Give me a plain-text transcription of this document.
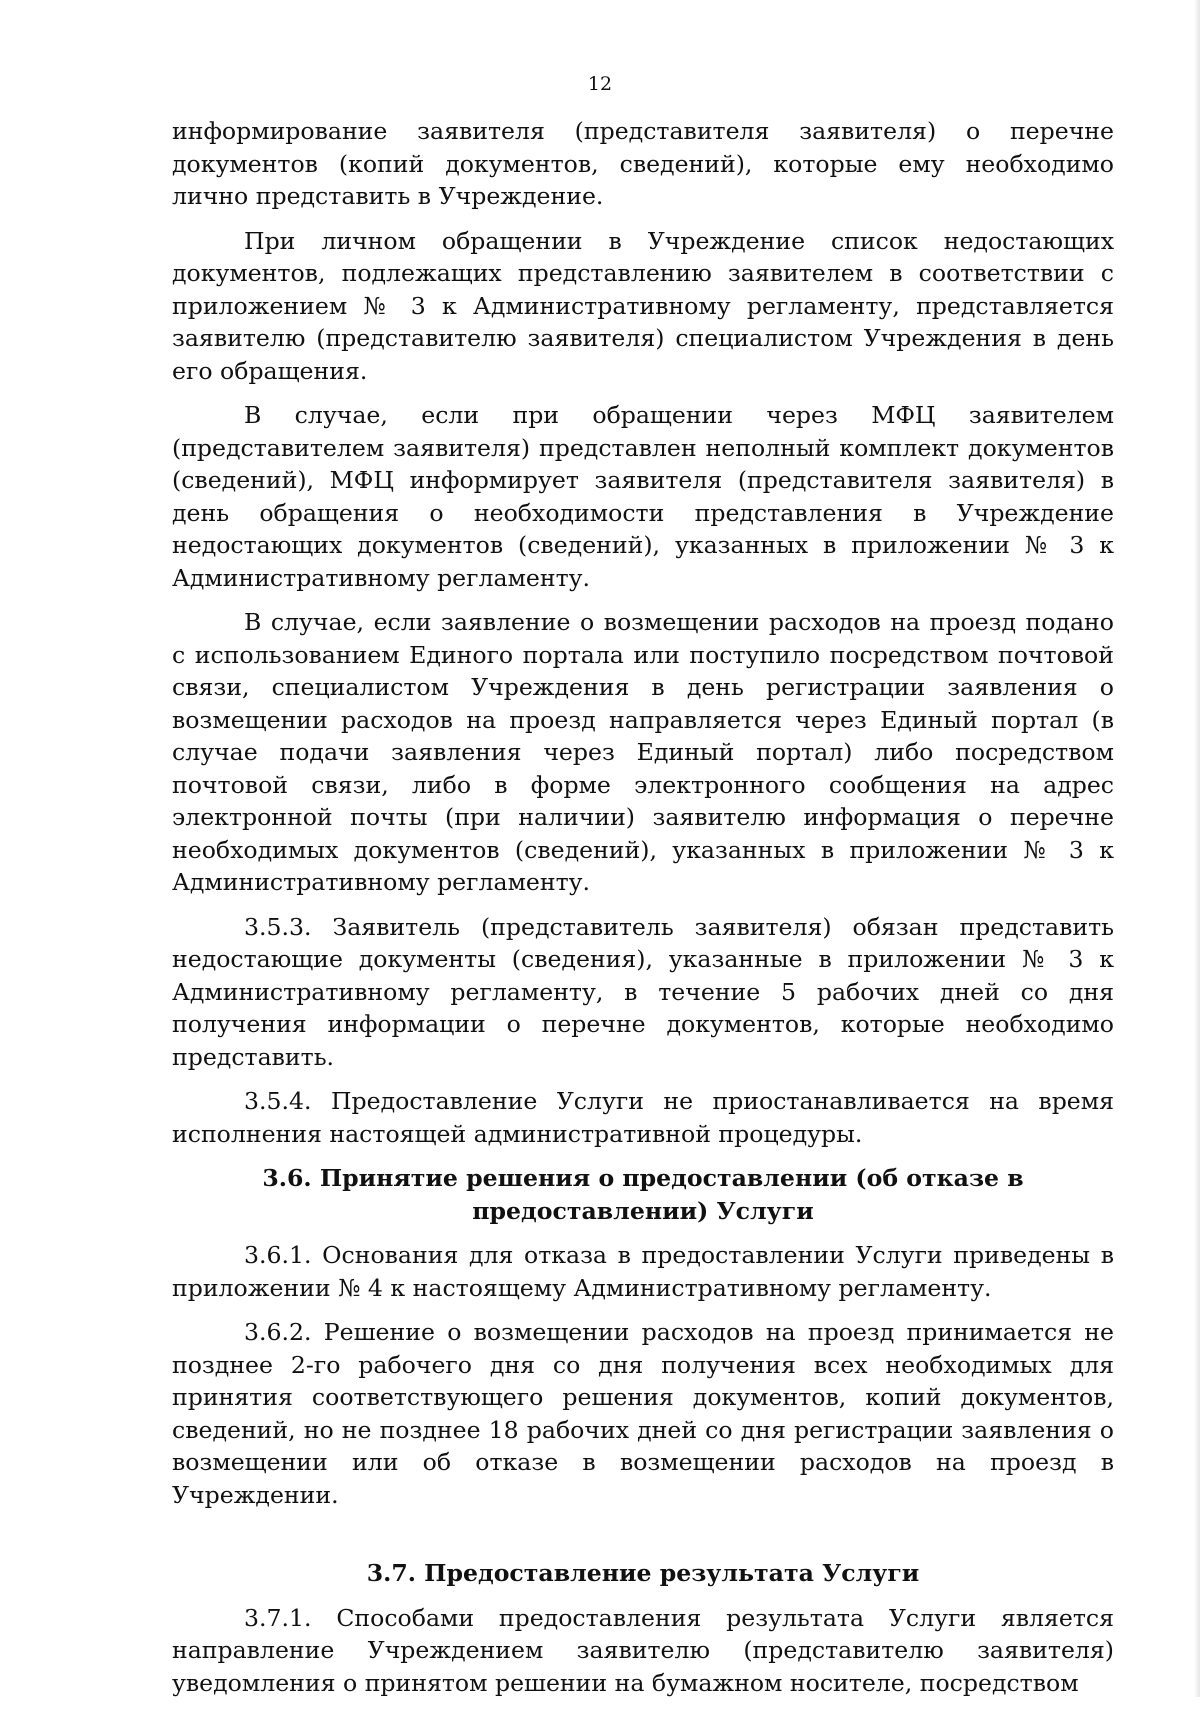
12

информирование заявителя (представителя заявителя) о перечне документов (копий документов, сведений), которые ему необходимо лично представить в Учреждение.

При личном обращении в Учреждение список недостающих документов, подлежащих представлению заявителем в соответствии с приложением № 3 к Административному регламенту, представляется заявителю (представителю заявителя) специалистом Учреждения в день его обращения.

В случае, если при обращении через МФЦ заявителем (представителем заявителя) представлен неполный комплект документов (сведений), МФЦ информирует заявителя (представителя заявителя) в день обращения о необходимости представления в Учреждение недостающих документов (сведений), указанных в приложении № 3 к Административному регламенту.

В случае, если заявление о возмещении расходов на проезд подано с использованием Единого портала или поступило посредством почтовой связи, специалистом Учреждения в день регистрации заявления о возмещении расходов на проезд направляется через Единый портал (в случае подачи заявления через Единый портал) либо посредством почтовой связи, либо в форме электронного сообщения на адрес электронной почты (при наличии) заявителю информация о перечне необходимых документов (сведений), указанных в приложении № 3 к Административному регламенту.

3.5.3. Заявитель (представитель заявителя) обязан представить недостающие документы (сведения), указанные в приложении № 3 к Административному регламенту, в течение 5 рабочих дней со дня получения информации о перечне документов, которые необходимо представить.

3.5.4. Предоставление Услуги не приостанавливается на время исполнения настоящей административной процедуры.

3.6. Принятие решения о предоставлении (об отказе в предоставлении) Услуги

3.6.1. Основания для отказа в предоставлении Услуги приведены в приложении № 4 к настоящему Административному регламенту.

3.6.2. Решение о возмещении расходов на проезд принимается не позднее 2-го рабочего дня со дня получения всех необходимых для принятия соответствующего решения документов, копий документов, сведений, но не позднее 18 рабочих дней со дня регистрации заявления о возмещении или об отказе в возмещении расходов на проезд в Учреждении.

3.7. Предоставление результата Услуги

3.7.1. Способами предоставления результата Услуги является направление Учреждением заявителю (представителю заявителя) уведомления о принятом решении на бумажном носителе, посредством
